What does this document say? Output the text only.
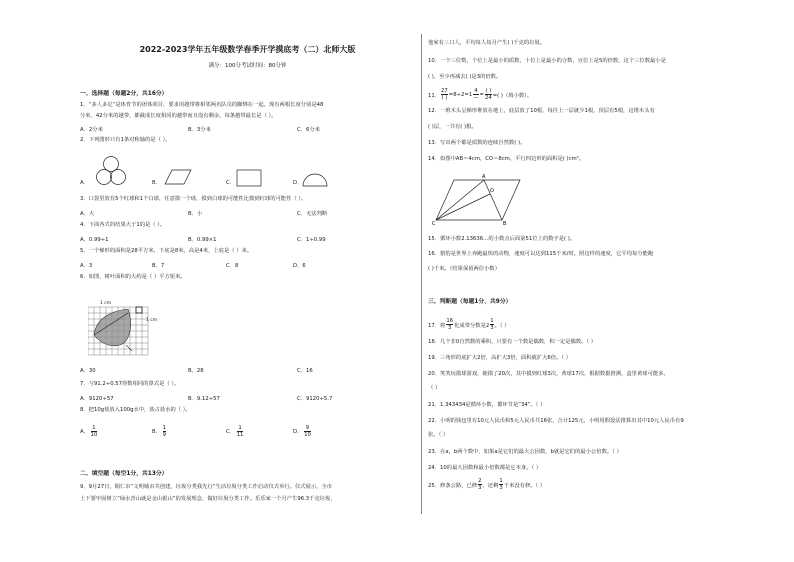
2022-2023学年五年级数学春季开学摸底考（二）北师大版
满分：100分考试时间：80分钟
一、选择题（每题2分，共16分）
1．“多人多足”是体育节的团体项目，要求用越带将相邻两名队员的脚绑在一起。现有两根长度分别是48
分米、42分米的越带，都截成长度相同的越带而且没有剩余，每条越带最长是（ ）。
A．2分米	B．3分米	C．6分米
2．下列图形只有1条对称轴的是（ ）。
A．	B．	C．	D．
3．口袋里放有5个红球和1个白球，任意摸一个球，摸到白球的可能性比摸到红球的可能性（ ）。
A．大	B．小	C．无法判断
4．下面各式的结果大于1的是（ ）。
A．0.99÷1	B．0.99×1	C．1÷0.99
5．一个梯形的面积是28平方米，下底是8米，高是4米，上底是（ ）米。
A．3	B．7	C．8	D．6
6．如图，树叶面积的大约是（ ）平方厘米。
1 cm
1 cm
A．30	B．28	C．16
7．与91.2÷0.57得数相同的算式是（ ）。
A．9120÷57	B．9.12÷57	C．9120÷5.7
8．把10g盐放入100g水中，盐占盐水的（ ）。
A． $\frac{1}{10}$	B． $\frac{1}{9}$	C． $\frac{1}{11}$	D． $\frac{9}{10}$
二、填空题（每空1分，共13分）
9．9月27日，铜仁市“文明城市共创建，垃圾分类我先行”生活垃圾分类工作启动仪式举行。仪式展示，全市
上下要牢固树立“绿水青山就是金山银山”的发展理念，做好垃圾分类工作。乐乐家一个月产生96.3千克垃圾，
他家有三口人，平均每人每月产生( )千克的垃圾。
10．一个三位数，个位上是最小的质数，十位上是最小的合数，百位上是5的倍数，这个三位数最小是
( )，至少再减去( )是3的倍数。
11．
27
( )
=8÷2= 1
4
—
=
( )
24 =( )（填小数）。
12．一堆木头呈梯形堆放在地上，底层放了10根，每往上一层就少1根，顶层有5根，这堆木头有
( )层，一共有( )根。
13．写出两个都是质数的连续自然数( )。
14．如图中AB＝4cm，CO＝8cm，平行四边形的面积是( )cm²。
A
B
C
O
15．循环小数2.13636…的小数点后面第51位上的数字是( )。
16．猎豹是世界上奔跑最快的动物，速度可以达到115千米/时。照这样的速度，它平均每分能跑
( )千米。（结果保留两位小数）
三、判断题（每题1分，共9分）
17．将
16
3 化成带分数是2
1
3 。（ ）
18．几个非0自然数的乘积，只要有一个数是偶数，积一定是偶数。（ ）
19．三角形的底扩大2倍，高扩大3倍，面积就扩大6倍。（ ）
20．笑笑玩摸球游戏，她摸了20次，其中摸到红球3次，黄球17次，根据数据推测，盒里黄球可能多。
（ ）
21．1.343434是循环小数，循环节是“34”。（ ）
22．小明的钱包里有10元人民币和5元人民币共16张，合计125元，小明用假设法推算出其中10元人民币有9
张。（ ）
23．在a，b两个数中，如果a是它们的最大公因数，b就是它们的最小公倍数。（ ）
24．10的最大因数和最小倍数都是它本身。（ ）
25．修条公路，已修
2
3 ，还剩
1
3 千米没有修。（ ）
